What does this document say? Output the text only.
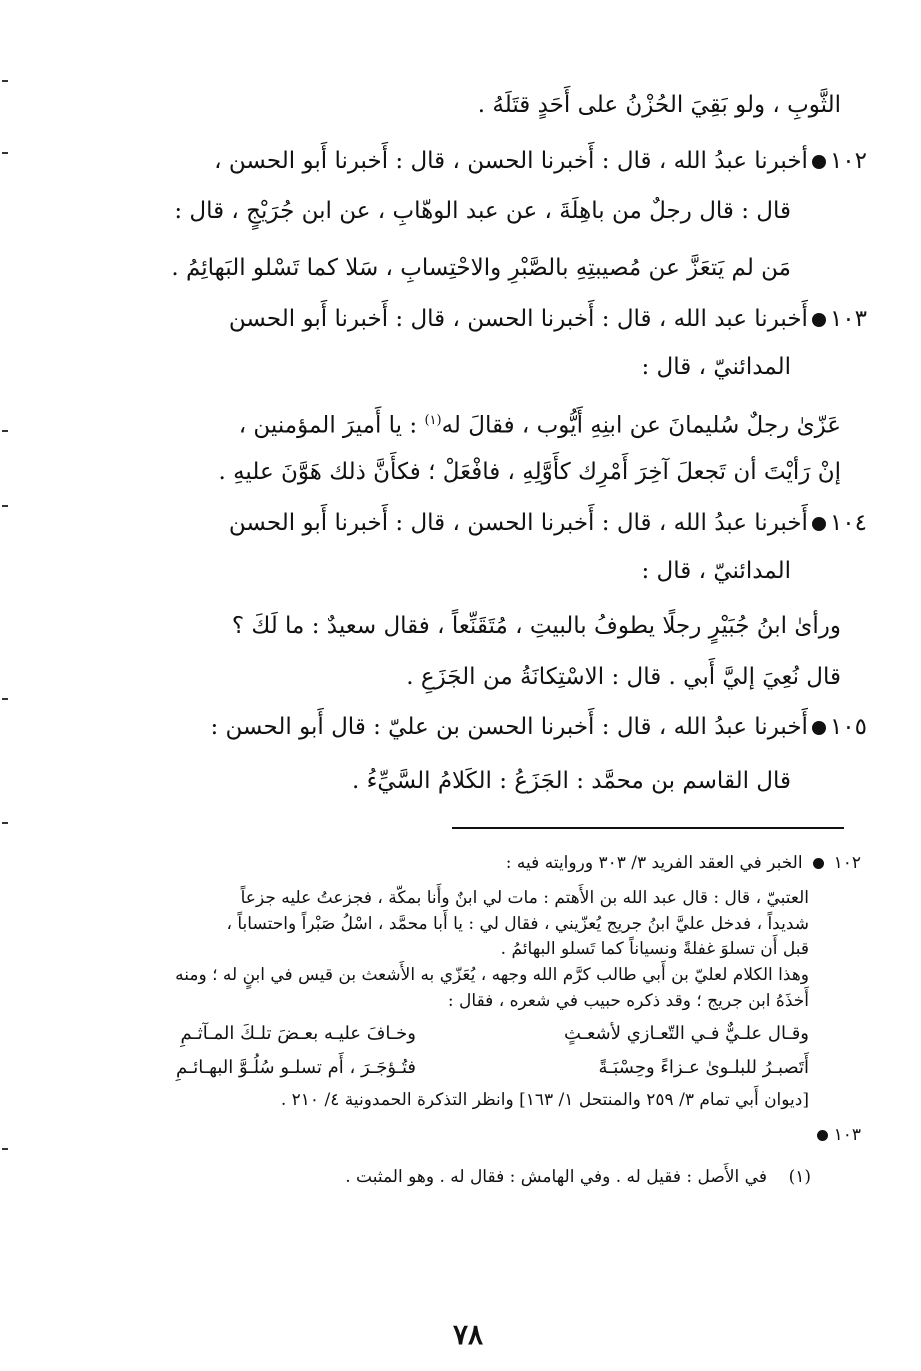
الثَّوبِ ، ولو بَقِيَ الحُزْنُ على أَحَدٍ قتَلَهُ .
١٠٢أخبرنا عبدُ الله ، قال : أَخبرنا الحسن ، قال : أَخبرنا أَبو الحسن ،
قال : قال رجلٌ من باهِلَةَ ، عن عبد الوهّابِ ، عن ابن جُرَيْجٍ ، قال :
مَن لم يَتعَزَّ عن مُصيبتِهِ بالصَّبْرِ والاحْتِسابِ ، سَلا كما تَسْلو البَهائِمُ .
١٠٣أَخبرنا عبد الله ، قال : أَخبرنا الحسن ، قال : أَخبرنا أَبو الحسن
المدائنيّ ، قال :
عَزّىٰ رجلٌ سُليمانَ عن ابنِهِ أَيُّوب ، فقالَ له$^{(١)}$ : يا أَميرَ المؤمنين ،
إنْ رَأيْتَ أن تَجعلَ آخِرَ أَمْرِك كأَوَّلِهِ ، فافْعَلْ ؛ فكأَنَّ ذلك هَوَّنَ عليهِ .
١٠٤أَخبرنا عبدُ الله ، قال : أَخبرنا الحسن ، قال : أَخبرنا أَبو الحسن
المدائنيّ ، قال :
ورأىٰ ابنُ جُبَيْرٍ رجلًا يطوفُ بالبيتِ ، مُتَقَنِّعاً ، فقال سعيدٌ : ما لَكَ ؟
قال نُعِيَ إليَّ أَبي . قال : الاسْتِكانَةُ من الجَزَعِ .
١٠٥أَخبرنا عبدُ الله ، قال : أَخبرنا الحسن بن عليّ : قال أَبو الحسن :
قال القاسم بن محمَّد : الجَزَعُ : الكَلامُ السَّيِّءُ .
١٠٢الخبر في العقد الفريد ٣/ ٣٠٣ وروايته فيه :
العتبيّ ، قال : قال عبد الله بن الأَهتم : مات لي ابنٌ وأَنا بمكّة ، فجزعتُ عليه جزعاً
شديداً ، فدخل عليَّ ابنُ جريج يُعزّيني ، فقال لي : يا أَبا محمَّد ، اسْلُ صَبْراً واحتساباً ،
قبل أَن تسلوَ غفلةً ونسياناً كما تَسلو البهائمُ .
وهذا الكلام لعليّ بن أَبي طالب كرَّم الله وجهه ، يُعَزّي به الأَشعث بن قيس في ابنٍ له ؛ ومنه
أَخذَهُ ابن جريج ؛ وقد ذكره حبيب في شعره ، فقال :
وقـال علـيٌّ فـي التّعـازي لأشعـثٍ
وخـافَ عليـه بعـضَ تلـكَ المـآثـمِ
أَتَصبـرُ للبلـوىٰ عـزاءً وحِسْبَـةً
فتُـؤجَـرَ ، أَم تسلـو سُلُـوَّ البهـائـمِ
[ديوان أَبي تمام ٣/ ٢٥٩ والمنتحل ١/ ١٦٣] وانظر التذكرة الحمدونية ٤/ ٢١٠ .
١٠٣
(١)    في الأَصل : فقيل له . وفي الهامش : فقال له . وهو المثبت .
٧٨
